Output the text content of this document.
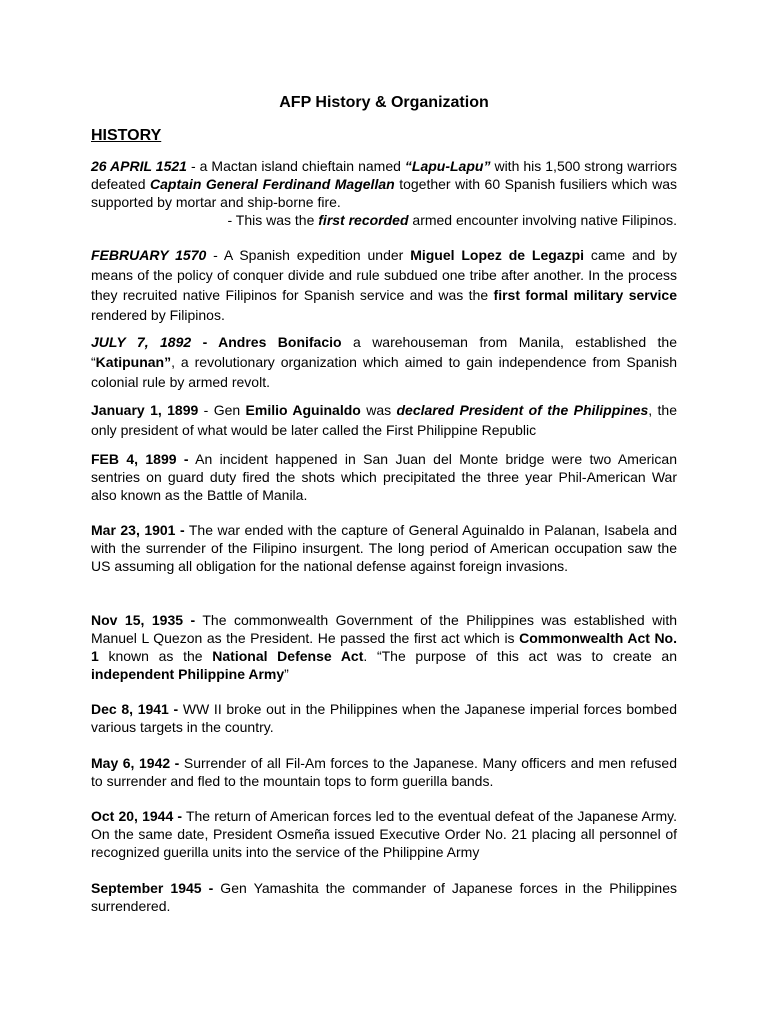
AFP History & Organization
HISTORY
26 APRIL 1521 - a Mactan island chieftain named “Lapu-Lapu” with his 1,500 strong warriors defeated Captain General Ferdinand Magellan together with 60 Spanish fusiliers which was supported by mortar and ship-borne fire.
- This was the first recorded armed encounter involving native Filipinos.
FEBRUARY 1570 - A Spanish expedition under Miguel Lopez de Legazpi came and by means of the policy of conquer divide and rule subdued one tribe after another. In the process they recruited native Filipinos for Spanish service and was the first formal military service rendered by Filipinos.
JULY 7, 1892 - Andres Bonifacio a warehouseman from Manila, established the “Katipunan”, a revolutionary organization which aimed to gain independence from Spanish colonial rule by armed revolt.
January 1, 1899 - Gen Emilio Aguinaldo was declared President of the Philippines, the only president of what would be later called the First Philippine Republic
FEB 4, 1899 - An incident happened in San Juan del Monte bridge were two American sentries on guard duty fired the shots which precipitated the three year Phil-American War also known as the Battle of Manila.
Mar 23, 1901 - The war ended with the capture of General Aguinaldo in Palanan, Isabela and with the surrender of the Filipino insurgent. The long period of American occupation saw the US assuming all obligation for the national defense against foreign invasions.
Nov 15, 1935 - The commonwealth Government of the Philippines was established with Manuel L Quezon as the President. He passed the first act which is Commonwealth Act No. 1 known as the National Defense Act. “The purpose of this act was to create an independent Philippine Army”
Dec 8, 1941 - WW II broke out in the Philippines when the Japanese imperial forces bombed various targets in the country.
May 6, 1942 - Surrender of all Fil-Am forces to the Japanese. Many officers and men refused to surrender and fled to the mountain tops to form guerilla bands.
Oct 20, 1944 - The return of American forces led to the eventual defeat of the Japanese Army. On the same date, President Osmeña issued Executive Order No. 21 placing all personnel of recognized guerilla units into the service of the Philippine Army
September 1945 - Gen Yamashita the commander of Japanese forces in the Philippines surrendered.
